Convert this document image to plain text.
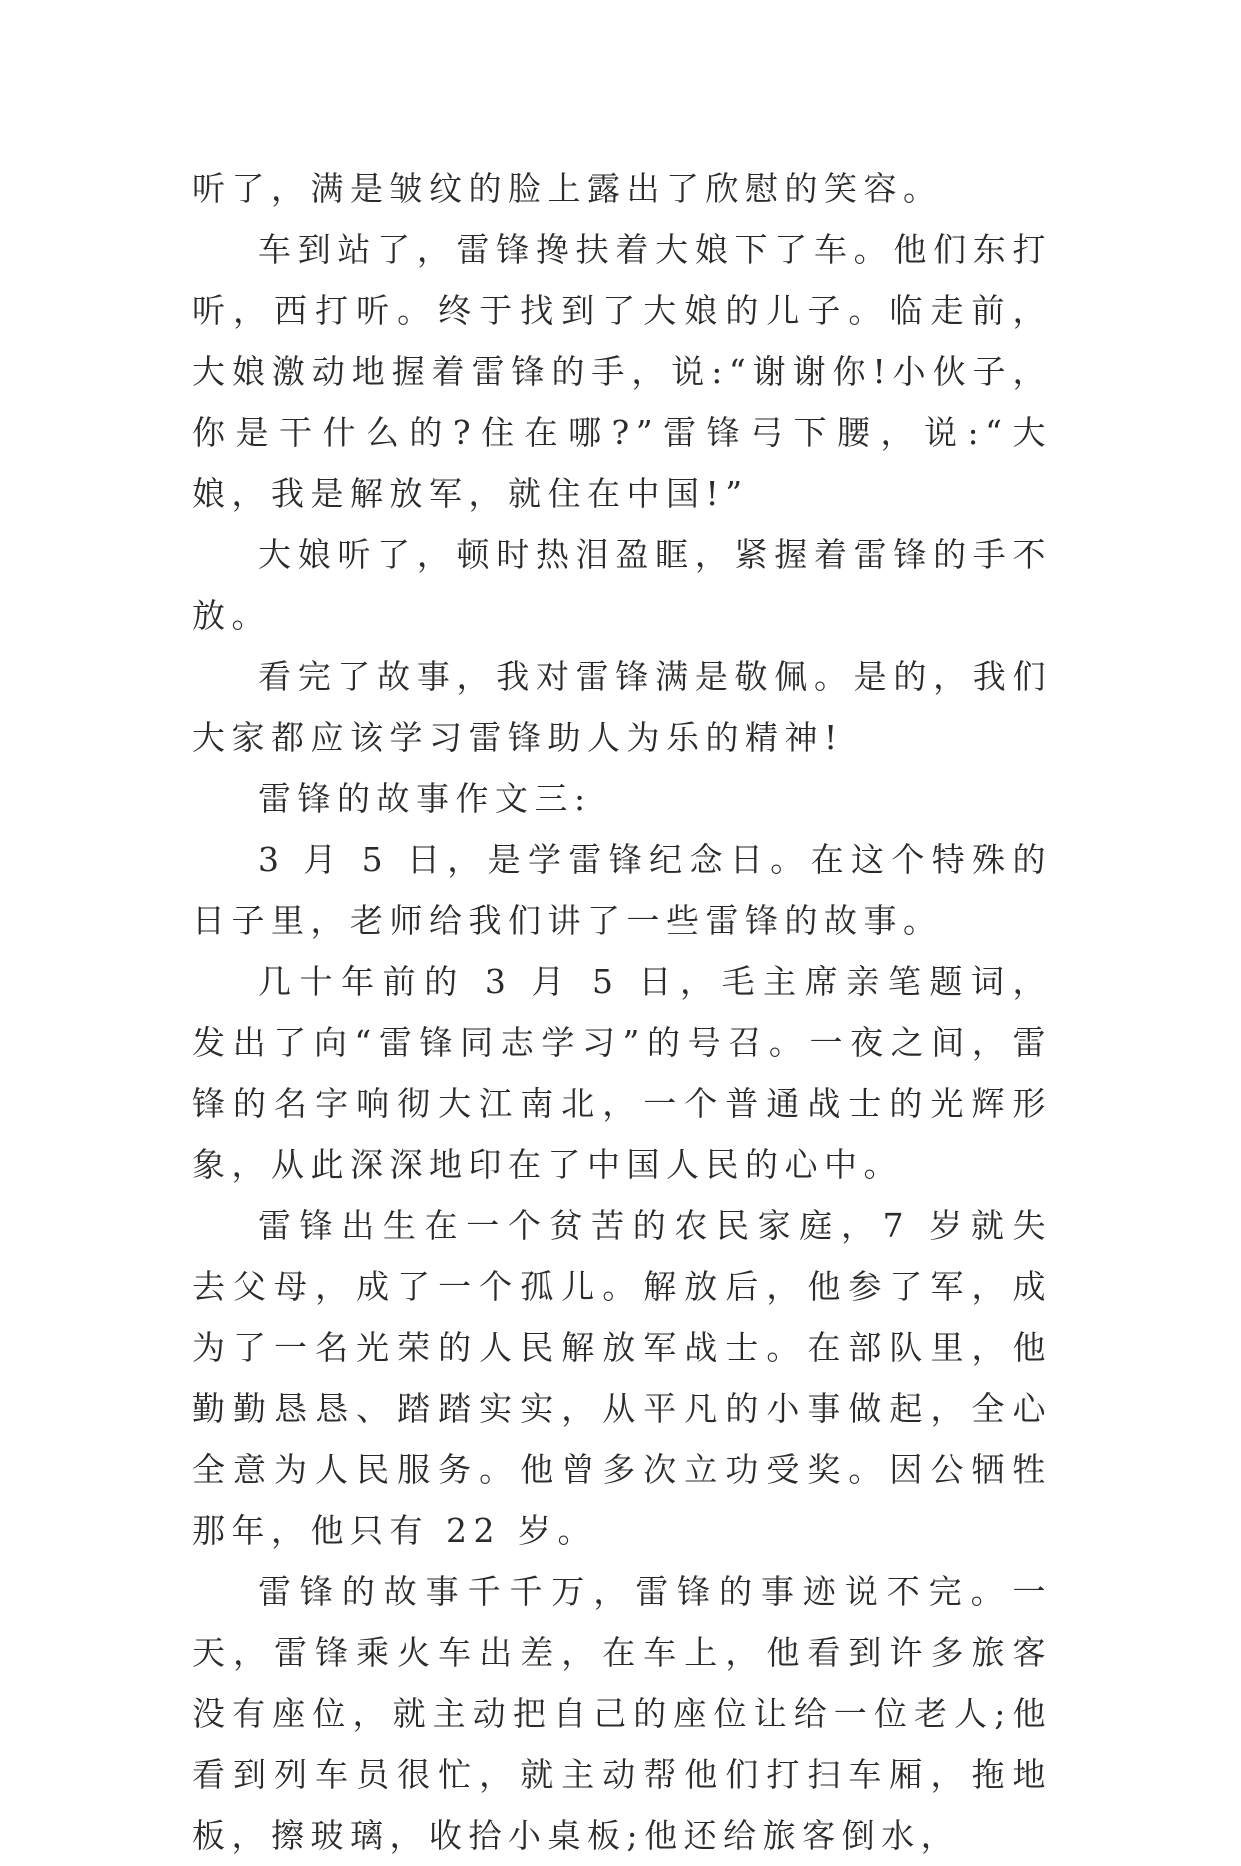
听了，满是皱纹的脸上露出了欣慰的笑容。

车到站了，雷锋搀扶着大娘下了车。他们东打听，西打听。终于找到了大娘的儿子。临走前，大娘激动地握着雷锋的手，说:“谢谢你!小伙子，你是干什么的?住在哪?”雷锋弓下腰，说:“大娘，我是解放军，就住在中国!”

大娘听了，顿时热泪盈眶，紧握着雷锋的手不放。

看完了故事，我对雷锋满是敬佩。是的，我们大家都应该学习雷锋助人为乐的精神!

雷锋的故事作文三:

3 月 5 日，是学雷锋纪念日。在这个特殊的日子里，老师给我们讲了一些雷锋的故事。

几十年前的 3 月 5 日，毛主席亲笔题词，发出了向“雷锋同志学习”的号召。一夜之间，雷锋的名字响彻大江南北，一个普通战士的光辉形象，从此深深地印在了中国人民的心中。

雷锋出生在一个贫苦的农民家庭，7 岁就失去父母，成了一个孤儿。解放后，他参了军，成为了一名光荣的人民解放军战士。在部队里，他勤勤恳恳、踏踏实实，从平凡的小事做起，全心全意为人民服务。他曾多次立功受奖。因公牺牲那年，他只有 22 岁。

雷锋的故事千千万，雷锋的事迹说不完。一天，雷锋乘火车出差，在车上，他看到许多旅客没有座位，就主动把自己的座位让给一位老人;他看到列车员很忙，就主动帮他们打扫车厢，拖地板，擦玻璃，收拾小桌板;他还给旅客倒水，
